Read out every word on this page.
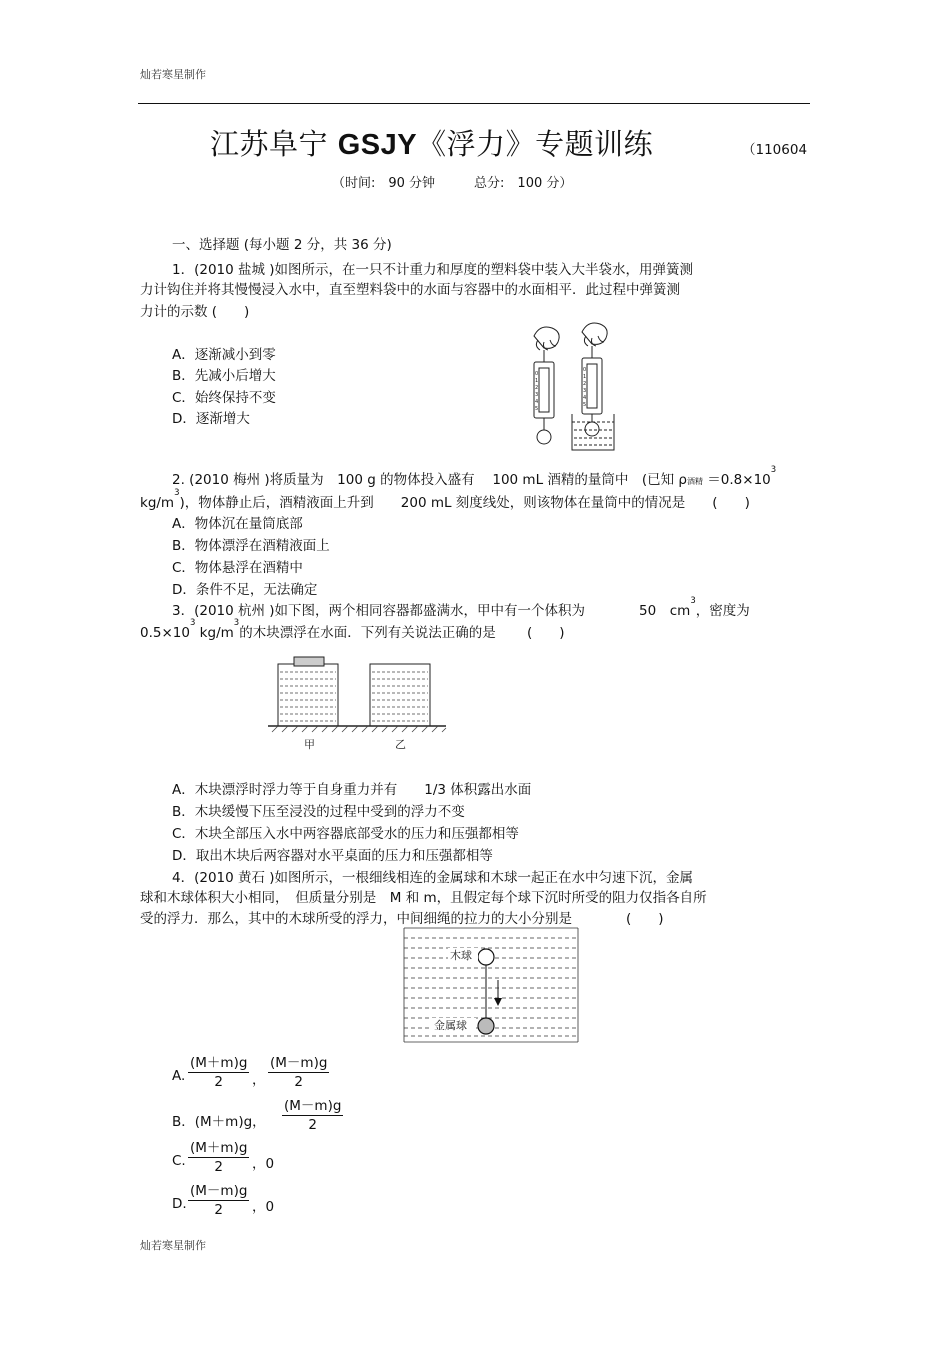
灿若寒星制作
江苏阜宁 GSJY《浮力》专题训练	（110604
（时间:　90 分钟　　　总分:　100 分）
一、选择题 (每小题 2 分，共 36 分)
1．(2010 盐城 )如图所示，在一只不计重力和厚度的塑料袋中装入大半袋水，用弹簧测
力计钩住并将其慢慢浸入水中，直至塑料袋中的水面与容器中的水面相平．此过程中弹簧测
力计的示数 (　　)
A．逐渐减小到零
B．先减小后增大
C．始终保持不变
D．逐渐增大
0
1
2
3
4
5
0
1
2
3
4
5
2. (2010 梅州 )将质量为　100 g 的物体投入盛有　 100 mL 酒精的量筒中　(已知 ρ酒精 $=0.8\times 10^3$
$kg/m^3$)，物体静止后，酒精液面上升到　　200 mL 刻度线处，则该物体在量筒中的情况是　　(　　)
A．物体沉在量筒底部
B．物体漂浮在酒精液面上
C．物体悬浮在酒精中
D．条件不足，无法确定
3．(2010 杭州 )如下图，两个相同容器都盛满水，甲中有一个体积为　　　　50　$cm^3$，密度为
$0.5\times 10^3$ $kg/m^3$的木块漂浮在水面．下列有关说法正确的是　　 (　　)
甲	乙
A．木块漂浮时浮力等于自身重力并有　　1/3 体积露出水面
B．木块缓慢下压至浸没的过程中受到的浮力不变
C．木块全部压入水中两容器底部受水的压力和压强都相等
D．取出木块后两容器对水平桌面的压力和压强都相等
4．(2010 黄石 )如图所示，一根细线相连的金属球和木球一起正在水中匀速下沉，金属
球和木球体积大小相同，　但质量分别是　M 和 m，且假定每个球下沉时所受的阻力仅指各自所
受的浮力．那么，其中的木球所受的浮力，中间细绳的拉力的大小分别是　　　　(　　)
木球
金属球
A. $\frac{(M+m)g}{2}$ ， $\frac{(M-m)g}{2}$
B．(M＋m)g， $\frac{(M-m)g}{2}$
C. $\frac{(M+m)g}{2}$ ，0
D. $\frac{(M-m)g}{2}$ ，0
灿若寒星制作
